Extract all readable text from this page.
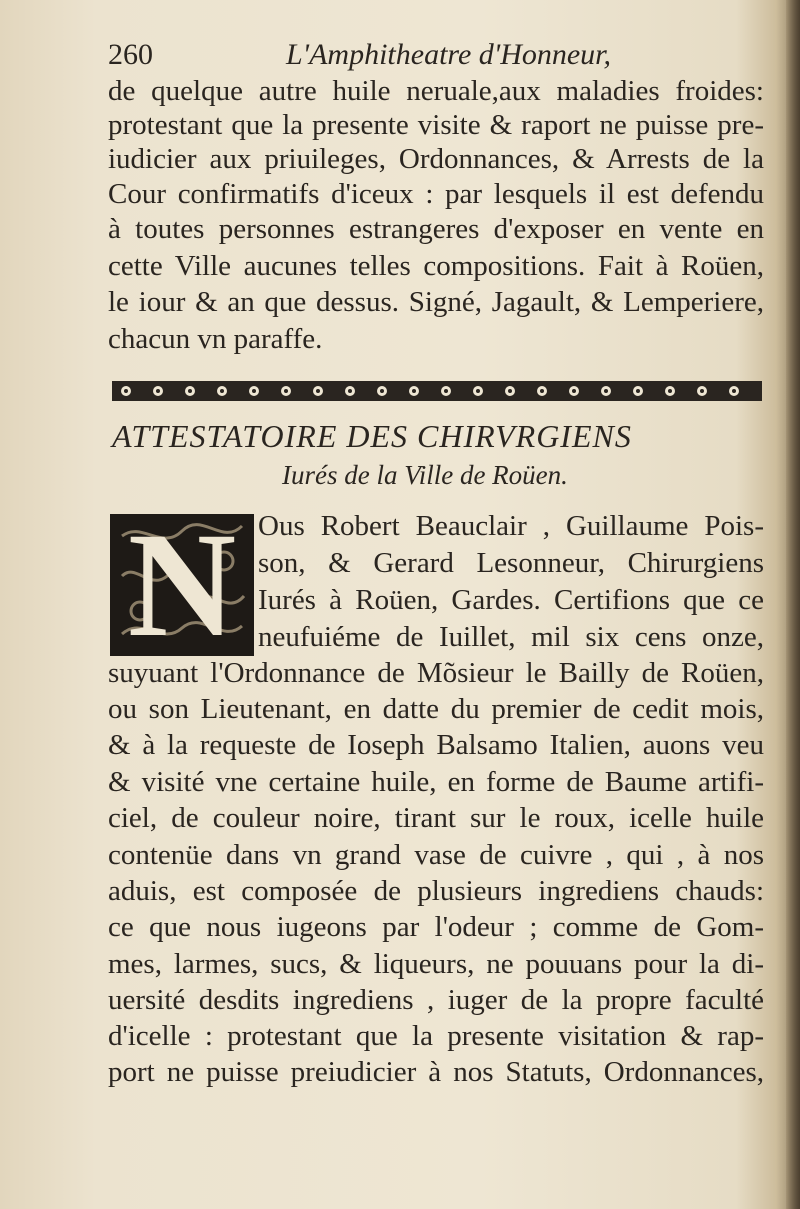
260	L'Amphitheatre d'Honneur,
de quelque autre huile neruale,aux maladies froides:
protestant que la presente visite & raport ne puisse pre-
iudicier aux priuileges, Ordonnances, & Arrests de la
Cour confirmatifs d'iceux : par lesquels il est defendu
à toutes personnes estrangeres d'exposer en vente en
cette Ville aucunes telles compositions. Fait à Roüen,
le iour & an que dessus. Signé, Jagault, & Lemperiere,
chacun vn paraffe.
ATTESTATOIRE DES CHIRVRGIENS
Iurés de la Ville de Roüen.
N Ous Robert Beauclair , Guillaume Pois-
son, & Gerard Lesonneur, Chirurgiens
Iurés à Roüen, Gardes. Certifions que ce
neufuiéme de Iuillet, mil six cens onze,
suyuant l'Ordonnance de Mõsieur le Bailly de Roüen,
ou son Lieutenant, en datte du premier de cedit mois,
& à la requeste de Ioseph Balsamo Italien, auons veu
& visité vne certaine huile, en forme de Baume artifi-
ciel, de couleur noire, tirant sur le roux, icelle huile
contenüe dans vn grand vase de cuivre , qui , à nos
aduis, est composée de plusieurs ingrediens chauds:
ce que nous iugeons par l'odeur ; comme de Gom-
mes, larmes, sucs, & liqueurs, ne pouuans pour la di-
uersité desdits ingrediens , iuger de la propre faculté
d'icelle : protestant que la presente visitation & rap-
port ne puisse preiudicier à nos Statuts, Ordonnances,
